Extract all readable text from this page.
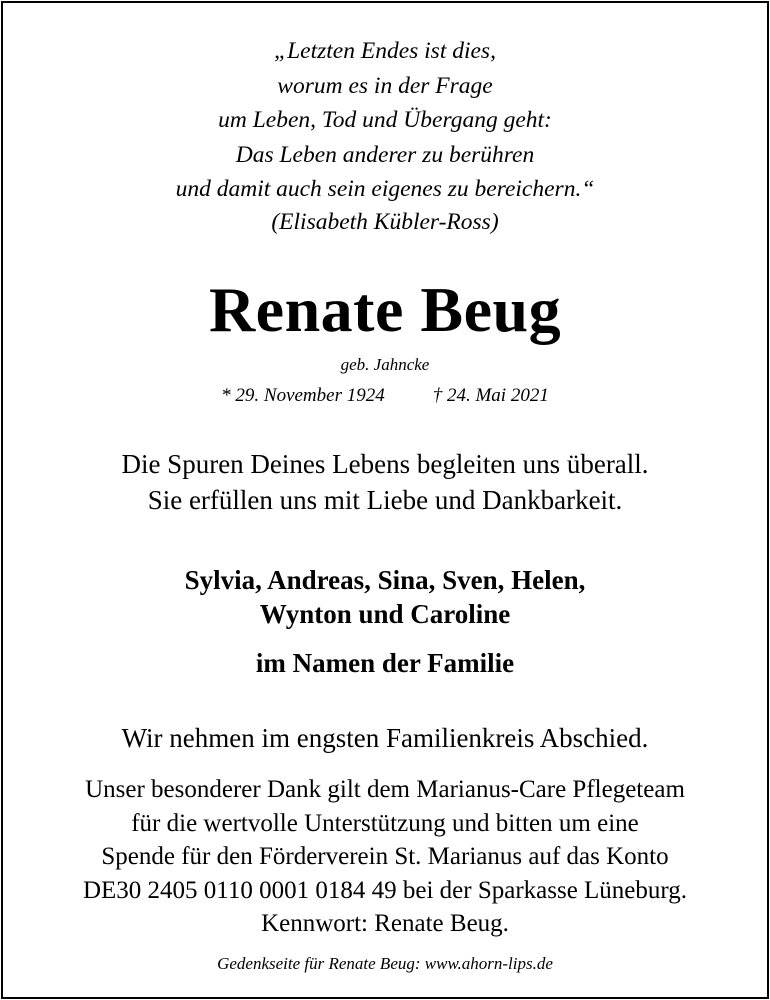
„Letzten Endes ist dies,
worum es in der Frage
um Leben, Tod und Übergang geht:
Das Leben anderer zu berühren
und damit auch sein eigenes zu bereichern.“
(Elisabeth Kübler-Ross)
Renate Beug
geb. Jahncke
* 29. November 1924	† 24. Mai 2021
Die Spuren Deines Lebens begleiten uns überall.
Sie erfüllen uns mit Liebe und Dankbarkeit.
Sylvia, Andreas, Sina, Sven, Helen,
Wynton und Caroline
im Namen der Familie
Wir nehmen im engsten Familienkreis Abschied.
Unser besonderer Dank gilt dem Marianus-Care Pflegeteam
für die wertvolle Unterstützung und bitten um eine
Spende für den Förderverein St. Marianus auf das Konto
DE30 2405 0110 0001 0184 49 bei der Sparkasse Lüneburg.
Kennwort: Renate Beug.
Gedenkseite für Renate Beug: www.ahorn-lips.de
